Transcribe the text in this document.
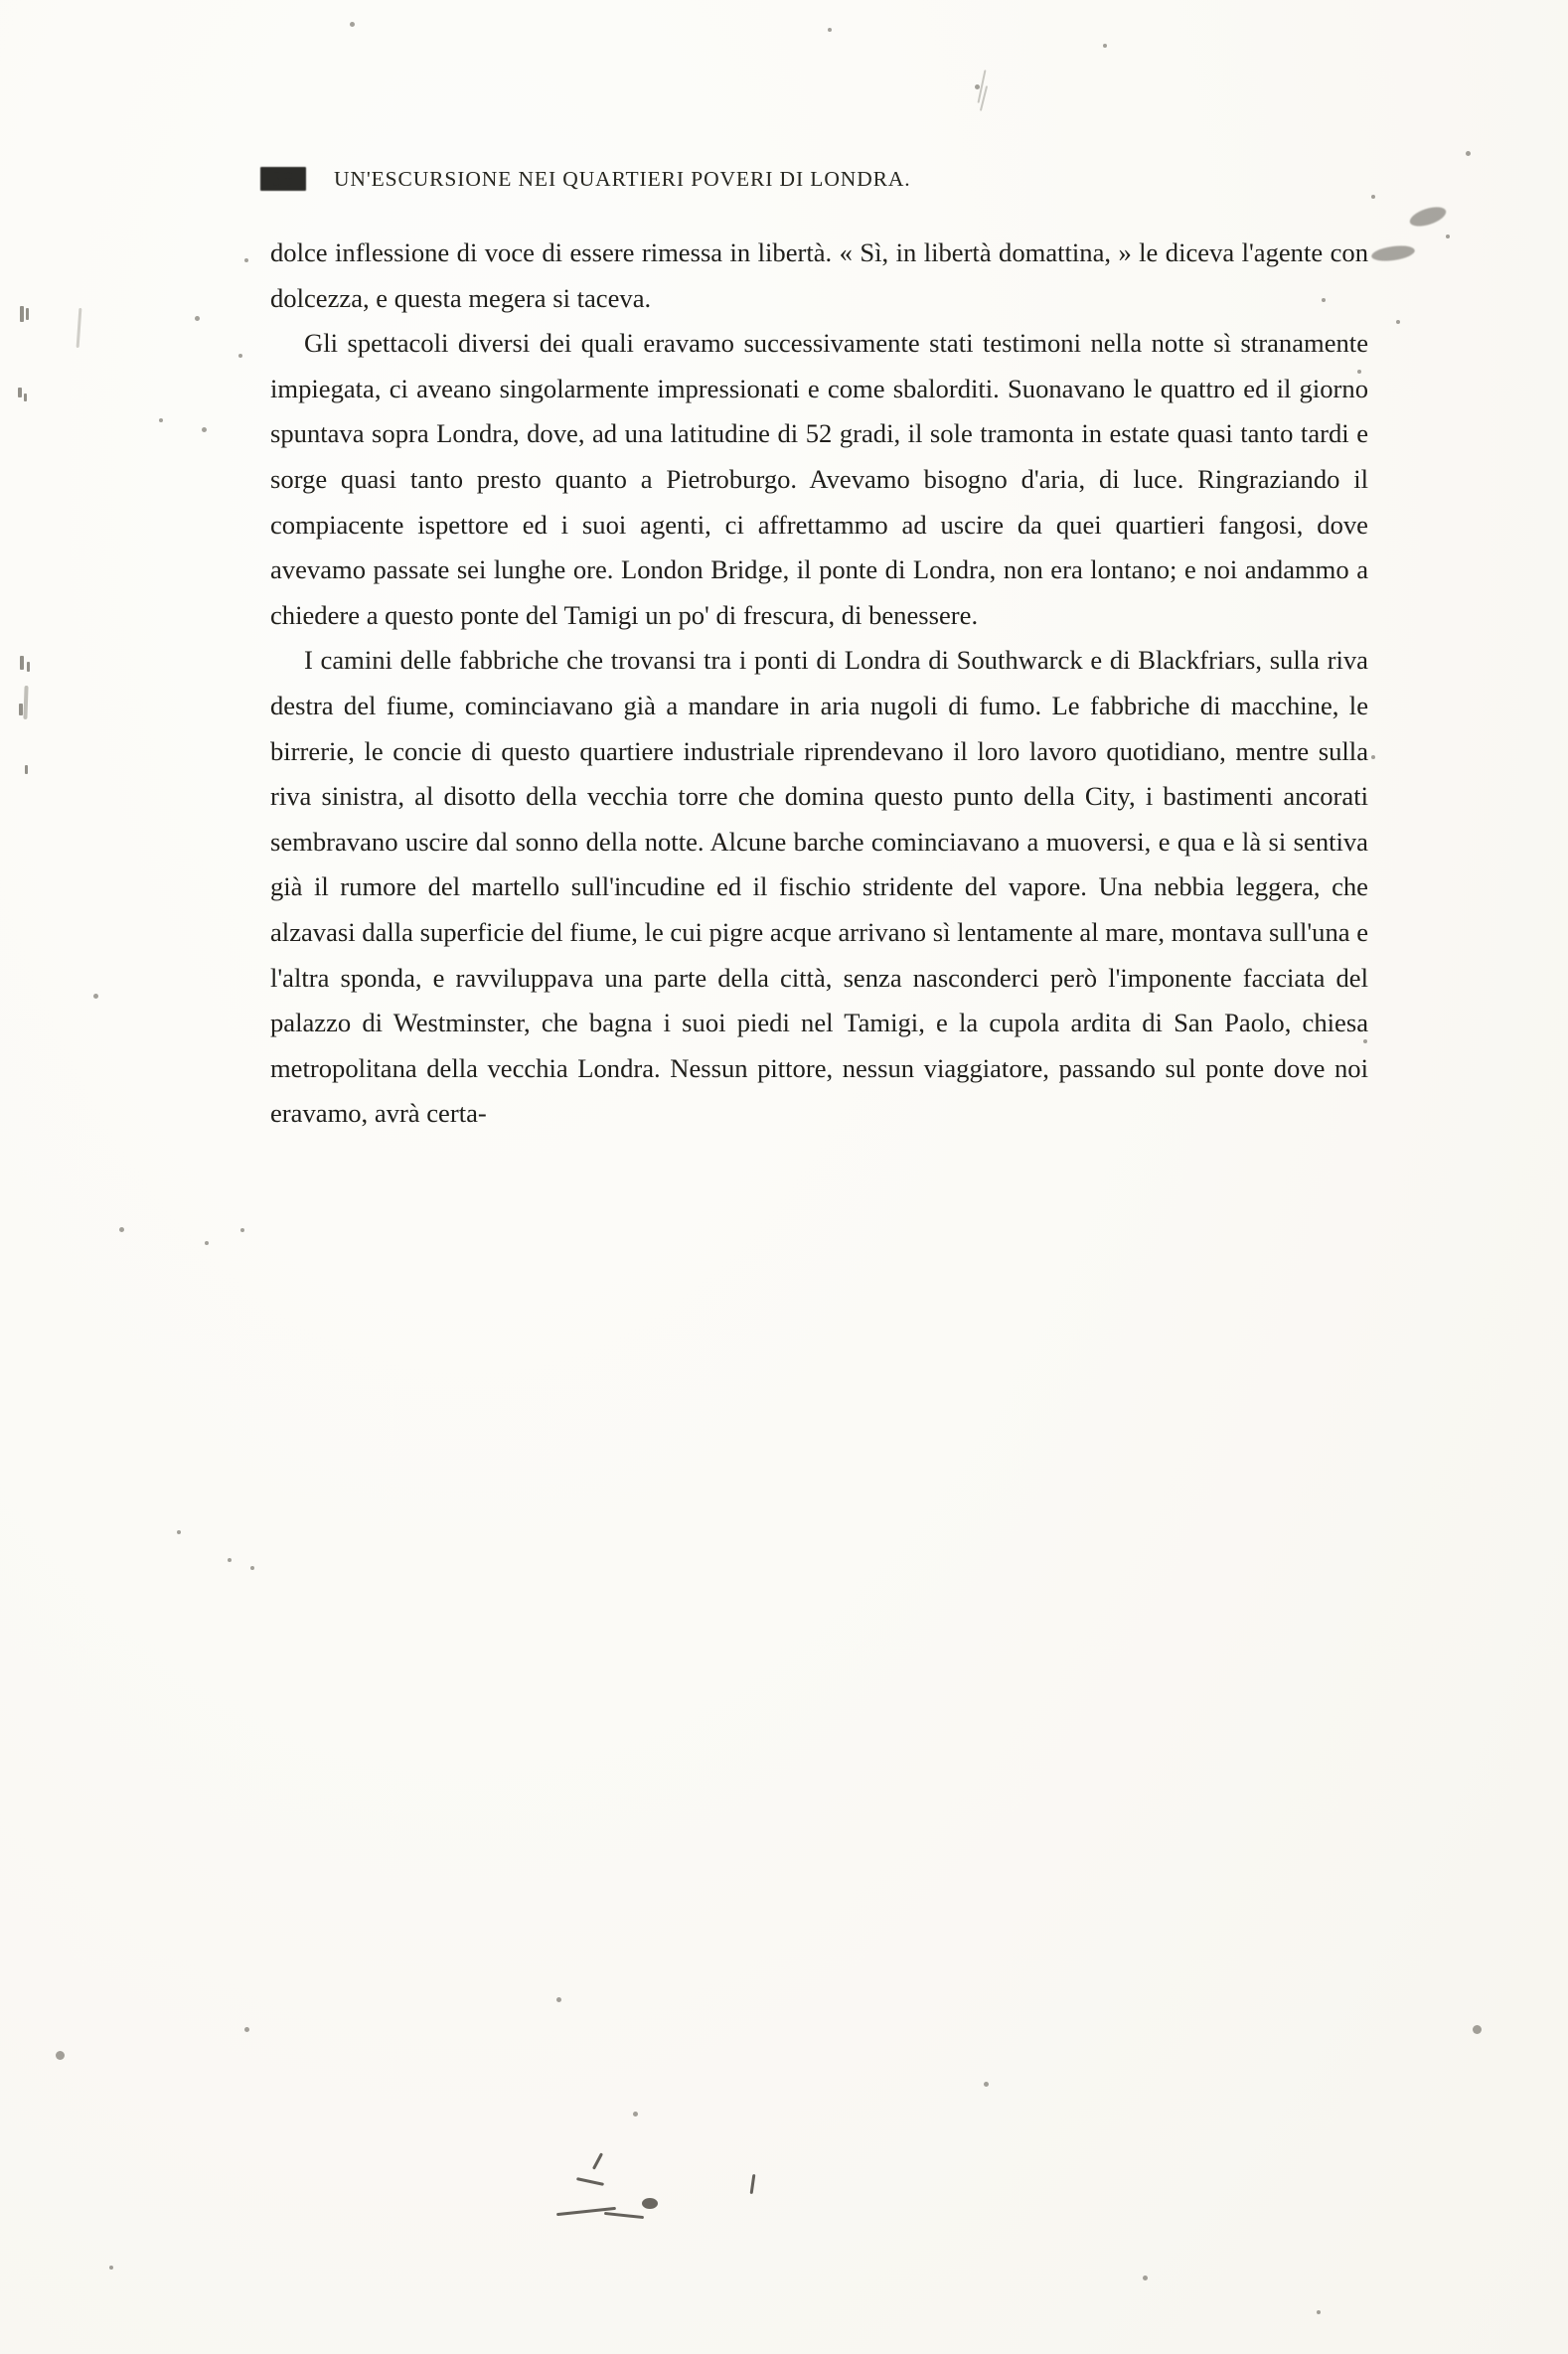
38	UN'ESCURSIONE NEI QUARTIERI POVERI DI LONDRA.

dolce inflessione di voce di essere rimessa in libertà. « Sì, in libertà domattina, » le diceva l'agente con dolcezza, e questa megera si taceva.

Gli spettacoli diversi dei quali eravamo successivamente stati testimoni nella notte sì stranamente impiegata, ci aveano singolarmente impressionati e come sbalorditi. Suonavano le quattro ed il giorno spuntava sopra Londra, dove, ad una latitudine di 52 gradi, il sole tramonta in estate quasi tanto tardi e sorge quasi tanto presto quanto a Pietroburgo. Avevamo bisogno d'aria, di luce. Ringraziando il compiacente ispettore ed i suoi agenti, ci affrettammo ad uscire da quei quartieri fangosi, dove avevamo passate sei lunghe ore. London Bridge, il ponte di Londra, non era lontano; e noi andammo a chiedere a questo ponte del Tamigi un po' di frescura, di benessere.

I camini delle fabbriche che trovansi tra i ponti di Londra di Southwarck e di Blackfriars, sulla riva destra del fiume, cominciavano già a mandare in aria nugoli di fumo. Le fabbriche di macchine, le birrerie, le concie di questo quartiere industriale riprendevano il loro lavoro quotidiano, mentre sulla riva sinistra, al disotto della vecchia torre che domina questo punto della City, i bastimenti ancorati sembravano uscire dal sonno della notte. Alcune barche cominciavano a muoversi, e qua e là si sentiva già il rumore del martello sull'incudine ed il fischio stridente del vapore. Una nebbia leggera, che alzavasi dalla superficie del fiume, le cui pigre acque arrivano sì lentamente al mare, montava sull'una e l'altra sponda, e ravviluppava una parte della città, senza nasconderci però l'imponente facciata del palazzo di Westminster, che bagna i suoi piedi nel Tamigi, e la cupola ardita di San Paolo, chiesa metropolitana della vecchia Londra. Nessun pittore, nessun viaggiatore, passando sul ponte dove noi eravamo, avrà certa-
